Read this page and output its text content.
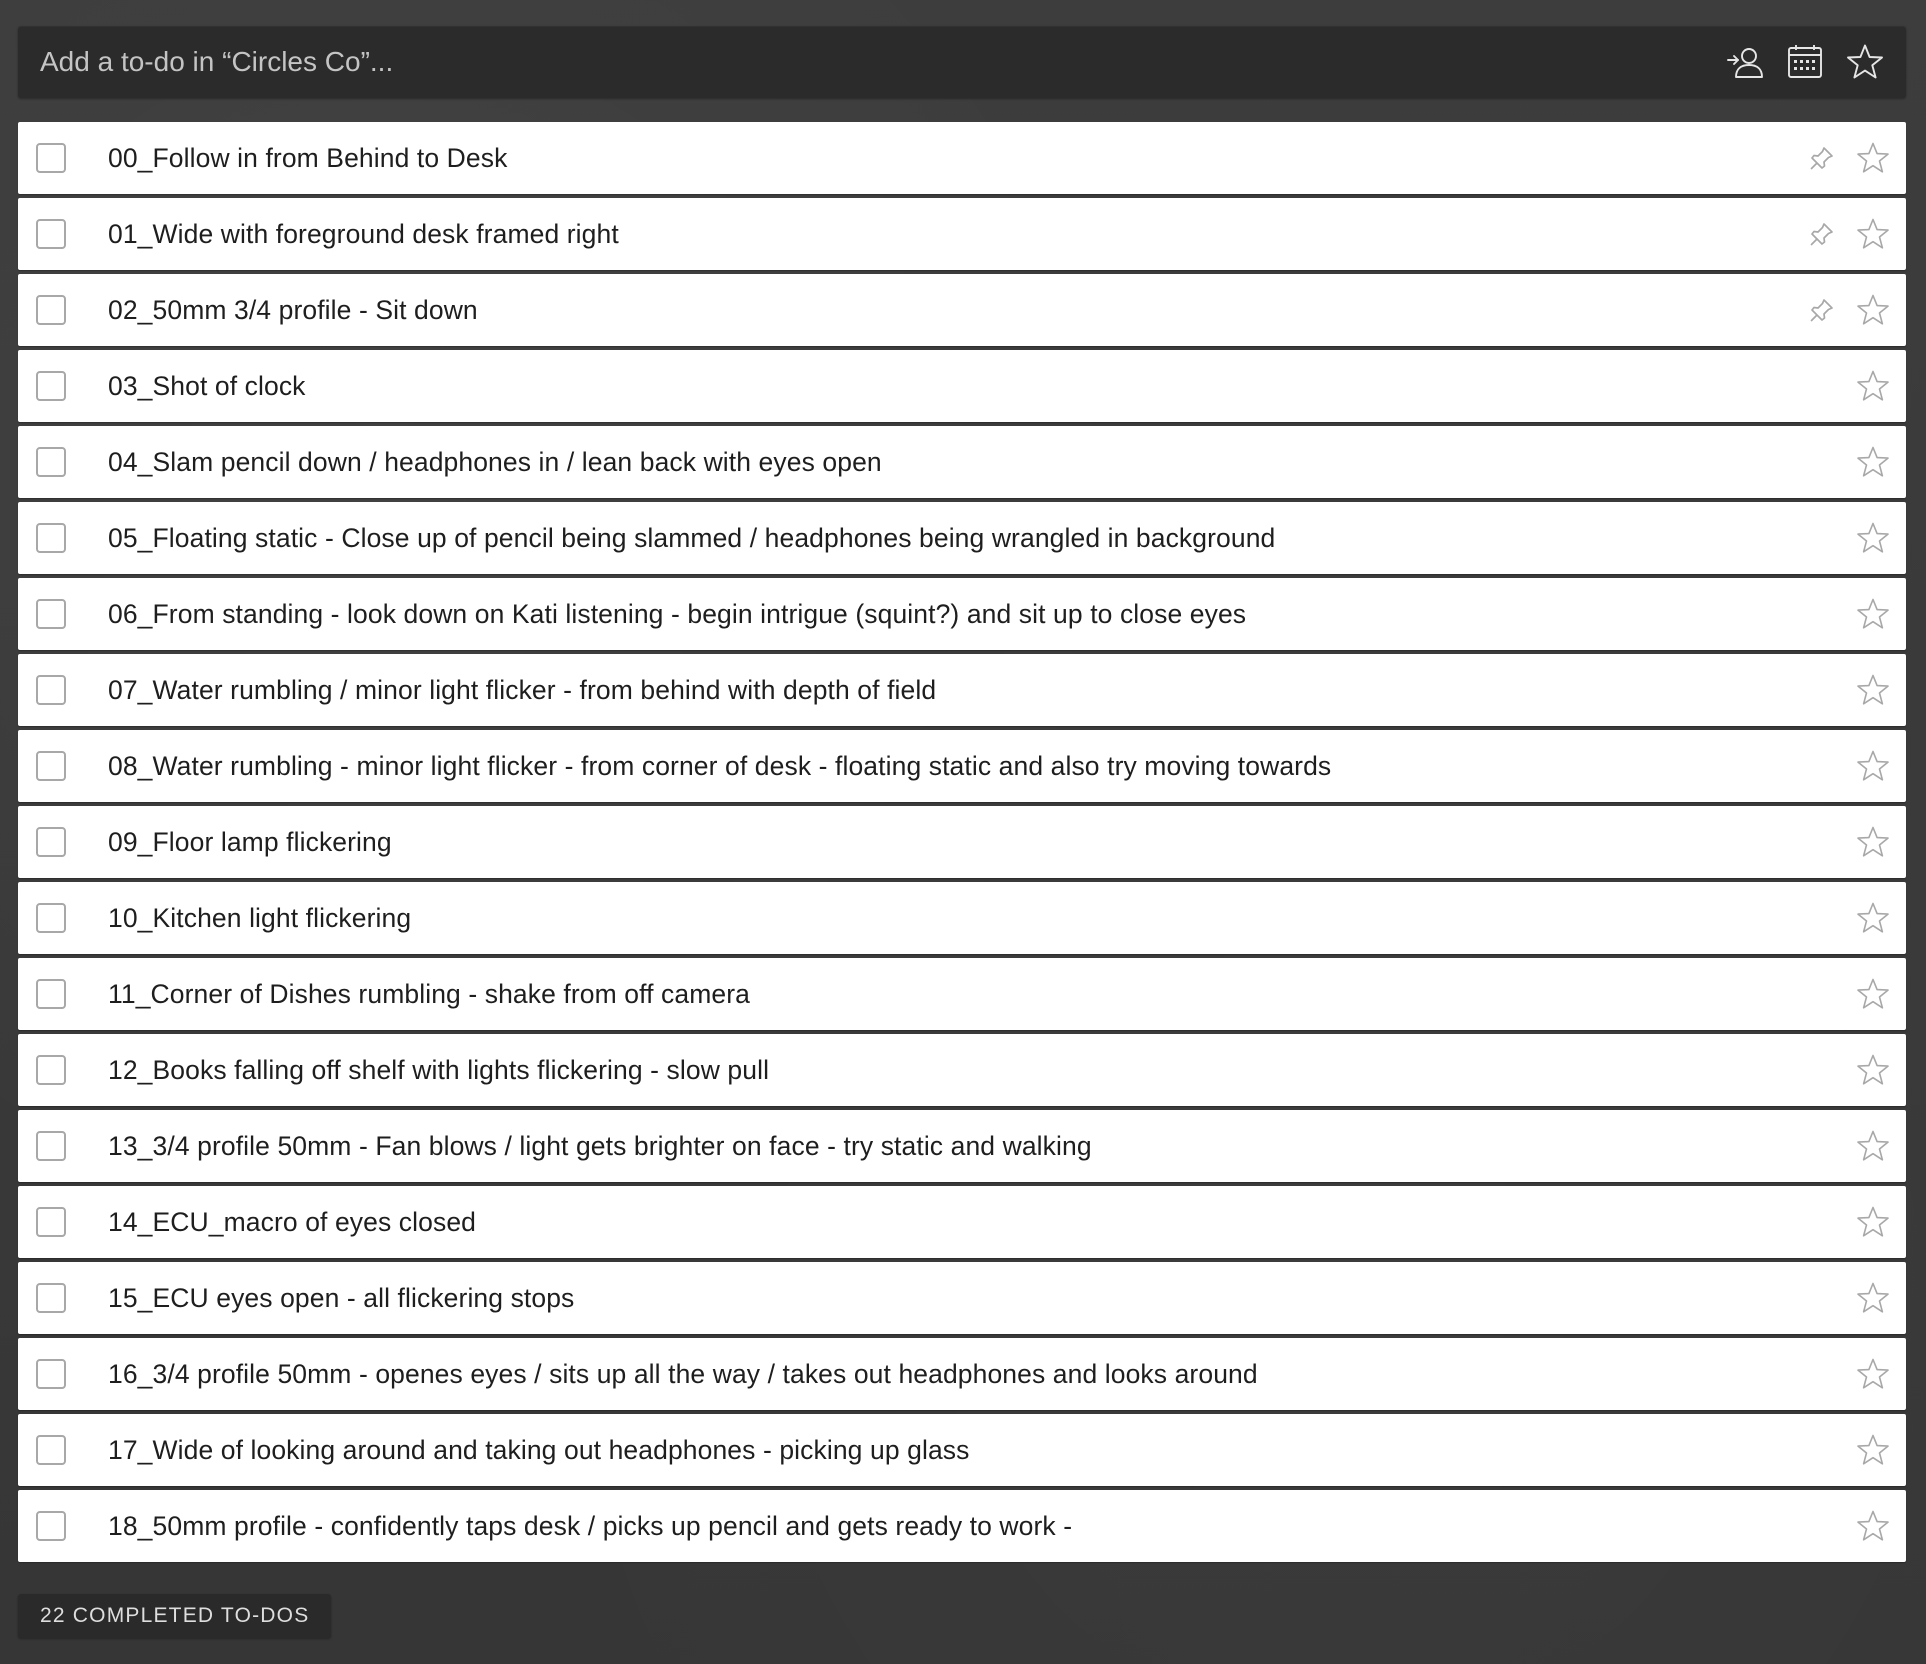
Add a to-do in “Circles Co”...
00_Follow in from Behind to Desk
01_Wide with foreground desk framed right
02_50mm 3/4 profile - Sit down
03_Shot of clock
04_Slam pencil down / headphones in / lean back with eyes open
05_Floating static - Close up of pencil being slammed / headphones being wrangled in background
06_From standing - look down on Kati listening - begin intrigue (squint?) and sit up to close eyes
07_Water rumbling / minor light flicker - from behind with depth of field
08_Water rumbling - minor light flicker - from corner of desk - floating static and also try moving towards
09_Floor lamp flickering
10_Kitchen light flickering
11_Corner of Dishes rumbling - shake from off camera
12_Books falling off shelf with lights flickering - slow pull
13_3/4 profile 50mm - Fan blows / light gets brighter on face - try static and walking
14_ECU_macro of eyes closed
15_ECU eyes open - all flickering stops
16_3/4 profile 50mm - openes eyes / sits up all the way / takes out headphones and looks around
17_Wide of looking around and taking out headphones - picking up glass
18_50mm profile - confidently taps desk / picks up pencil and gets ready to work -
22 COMPLETED TO-DOS
